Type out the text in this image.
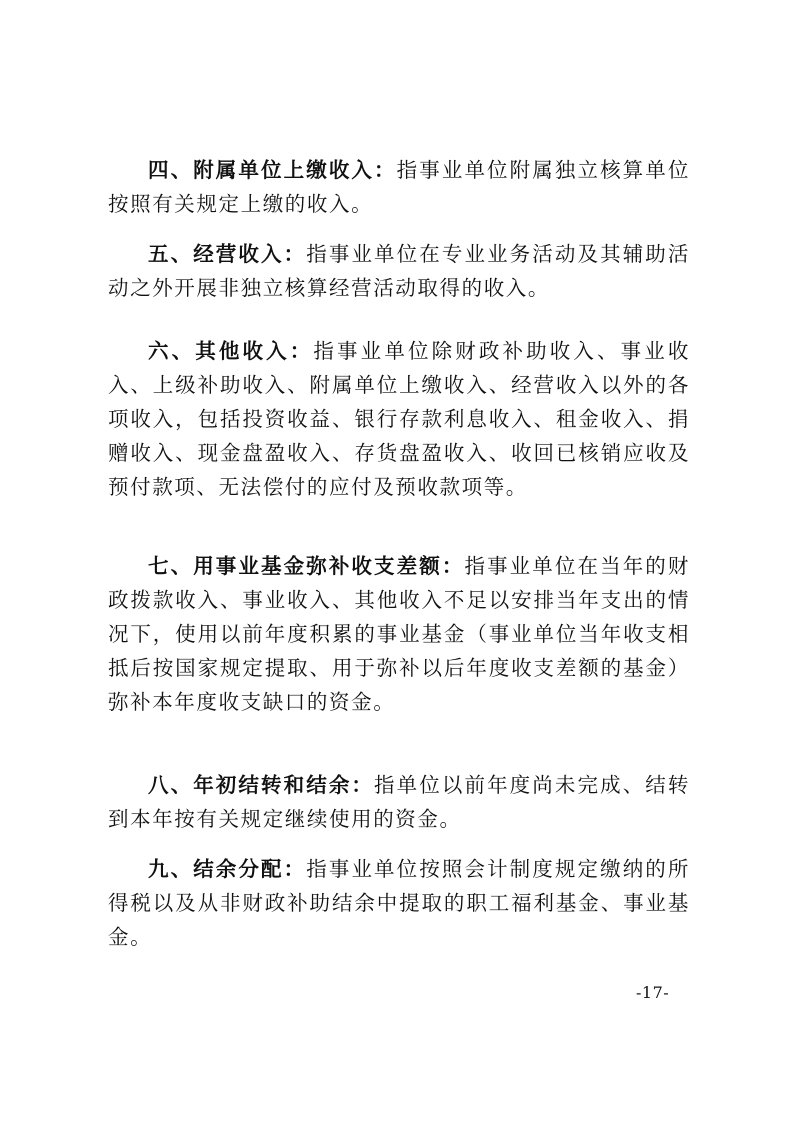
四、附属单位上缴收入：指事业单位附属独立核算单位按照有关规定上缴的收入。

五、经营收入：指事业单位在专业业务活动及其辅助活动之外开展非独立核算经营活动取得的收入。

六、其他收入：指事业单位除财政补助收入、事业收入、上级补助收入、附属单位上缴收入、经营收入以外的各项收入，包括投资收益、银行存款利息收入、租金收入、捐赠收入、现金盘盈收入、存货盘盈收入、收回已核销应收及预付款项、无法偿付的应付及预收款项等。

七、用事业基金弥补收支差额：指事业单位在当年的财政拨款收入、事业收入、其他收入不足以安排当年支出的情况下，使用以前年度积累的事业基金（事业单位当年收支相抵后按国家规定提取、用于弥补以后年度收支差额的基金）弥补本年度收支缺口的资金。

八、年初结转和结余：指单位以前年度尚未完成、结转到本年按有关规定继续使用的资金。

九、结余分配：指事业单位按照会计制度规定缴纳的所得税以及从非财政补助结余中提取的职工福利基金、事业基金。

-17-
